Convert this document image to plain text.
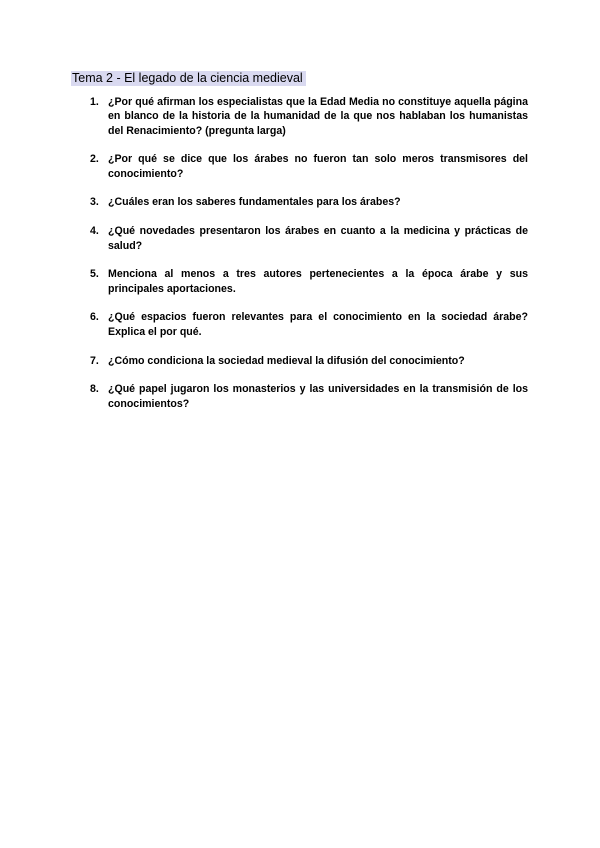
Tema 2 - El legado de la ciencia medieval
1. ¿Por qué afirman los especialistas que la Edad Media no constituye aquella página en blanco de la historia de la humanidad de la que nos hablaban los humanistas del Renacimiento? (pregunta larga)
2. ¿Por qué se dice que los árabes no fueron tan solo meros transmisores del conocimiento?
3. ¿Cuáles eran los saberes fundamentales para los árabes?
4. ¿Qué novedades presentaron los árabes en cuanto a la medicina y prácticas de salud?
5. Menciona al menos a tres autores pertenecientes a la época árabe y sus principales aportaciones.
6. ¿Qué espacios fueron relevantes para el conocimiento en la sociedad árabe? Explica el por qué.
7. ¿Cómo condiciona la sociedad medieval la difusión del conocimiento?
8. ¿Qué papel jugaron los monasterios y las universidades en la transmisión de los conocimientos?
